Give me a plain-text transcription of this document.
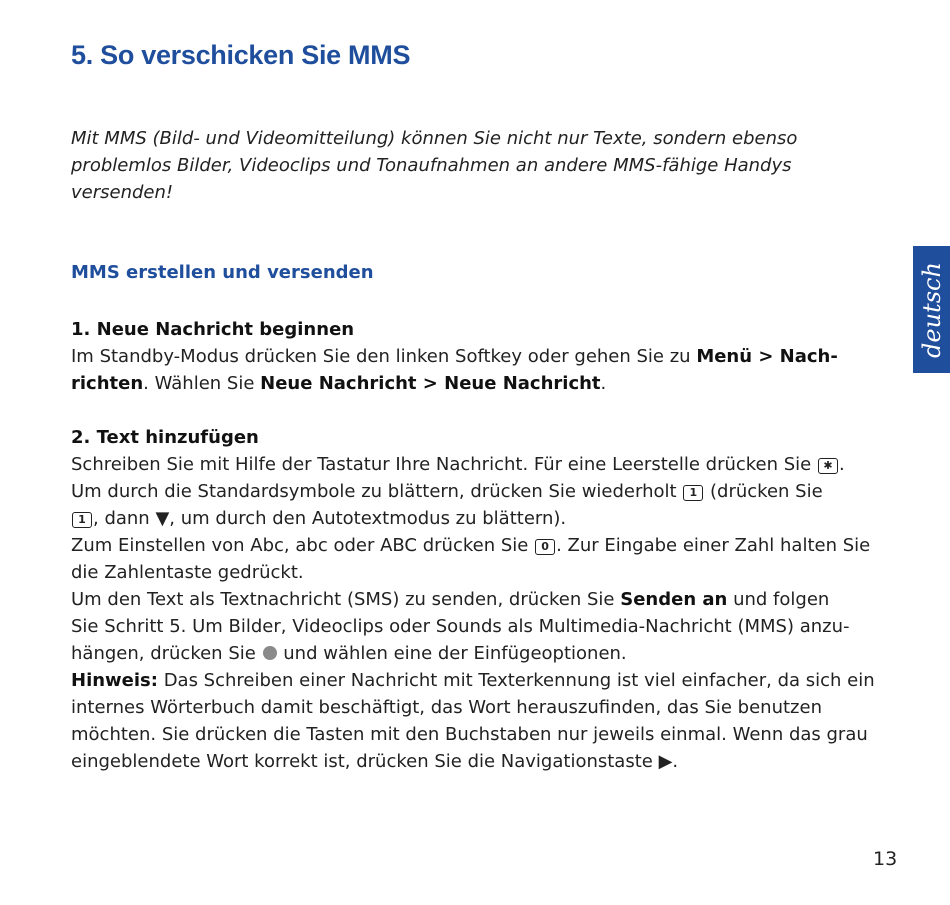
5. So verschicken Sie MMS

Mit MMS (Bild- und Videomitteilung) können Sie nicht nur Texte, sondern ebenso
problemlos Bilder, Videoclips und Tonaufnahmen an andere MMS-fähige Handys
versenden!

MMS erstellen und versenden
1. Neue Nachricht beginnen
Im Standby-Modus drücken Sie den linken Softkey oder gehen Sie zu Menü > Nach-
richten. Wählen Sie Neue Nachricht > Neue Nachricht.
2. Text hinzufügen
Schreiben Sie mit Hilfe der Tastatur Ihre Nachricht. Für eine Leerstelle drücken Sie ✱ .
Um durch die Standardsymbole zu blättern, drücken Sie wiederholt 1 (drücken Sie
1 , dann ▼, um durch den Autotextmodus zu blättern).
Zum Einstellen von Abc, abc oder ABC drücken Sie 0 . Zur Eingabe einer Zahl halten Sie
die Zahlentaste gedrückt.
Um den Text als Textnachricht (SMS) zu senden, drücken Sie Senden an und folgen
Sie Schritt 5. Um Bilder, Videoclips oder Sounds als Multimedia-Nachricht (MMS) anzu-
hängen, drücken Sie  und wählen eine der Einfügeoptionen.
Hinweis: Das Schreiben einer Nachricht mit Texterkennung ist viel einfacher, da sich ein
internes Wörterbuch damit beschäftigt, das Wort herauszufinden, das Sie benutzen
möchten. Sie drücken die Tasten mit den Buchstaben nur jeweils einmal. Wenn das grau
eingeblendete Wort korrekt ist, drücken Sie die Navigationstaste ▶.
deutsch
13
